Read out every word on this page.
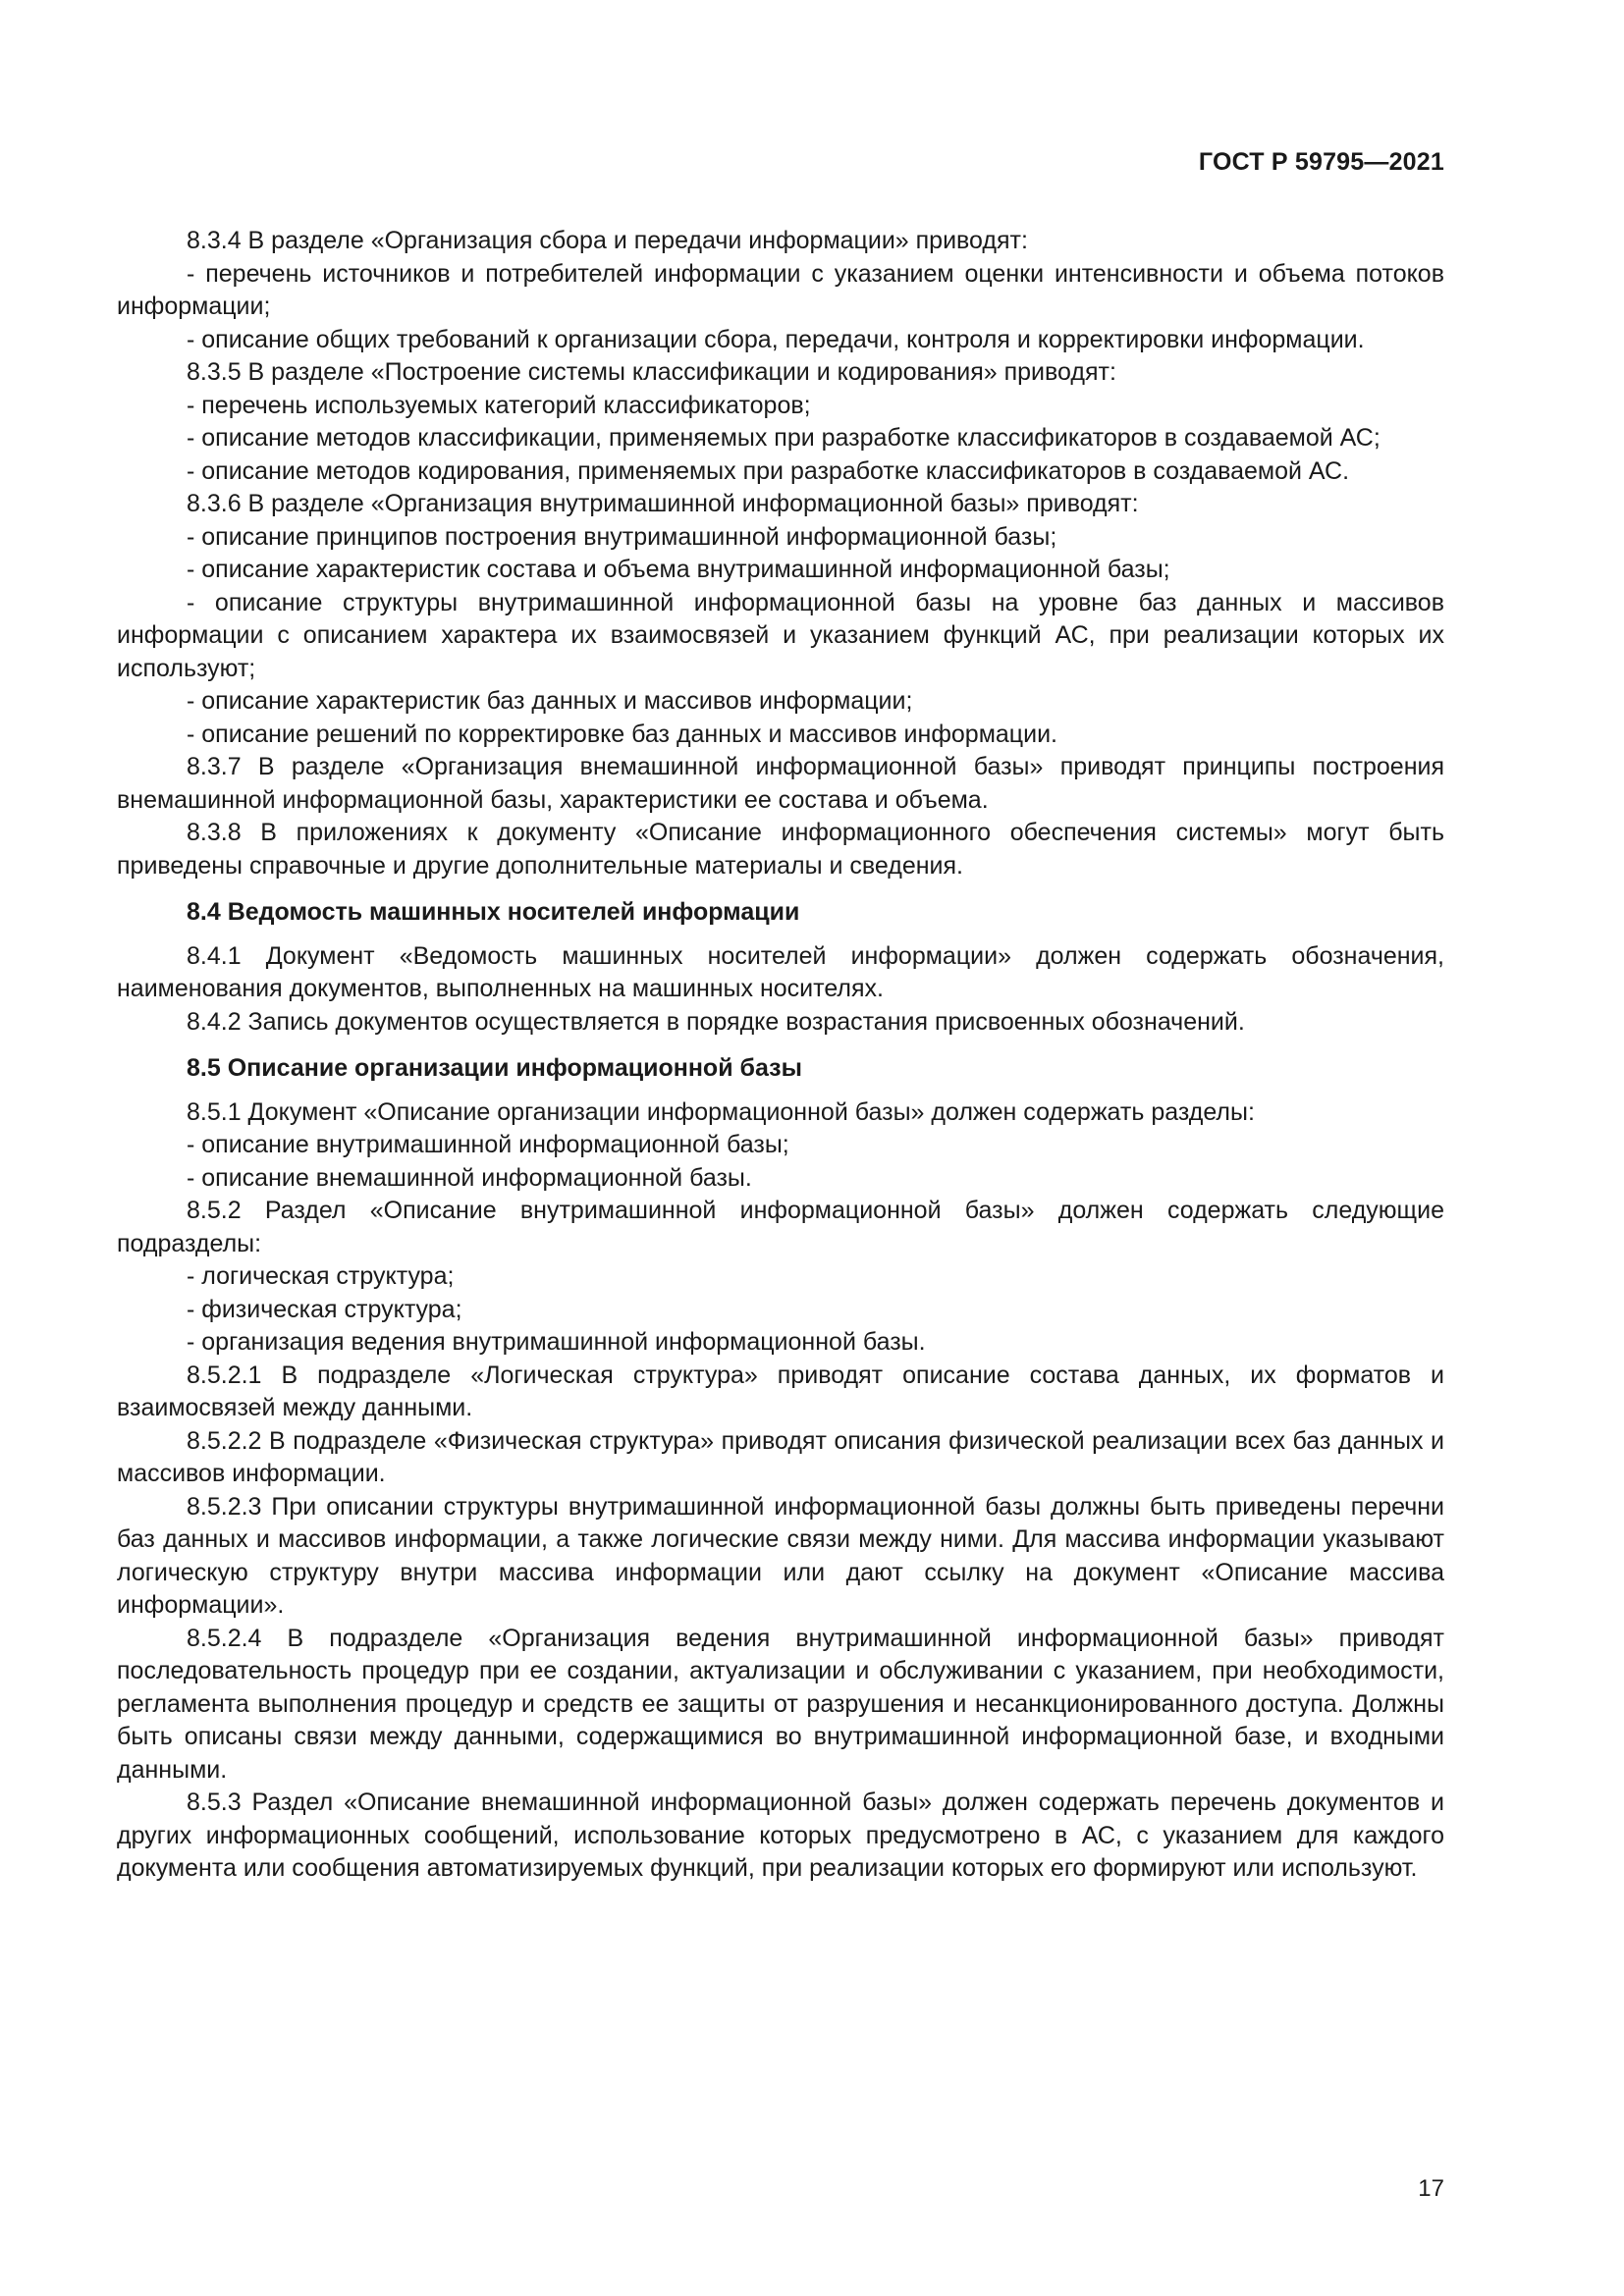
ГОСТ Р 59795—2021

8.3.4 В разделе «Организация сбора и передачи информации» приводят:

- перечень источников и потребителей информации с указанием оценки интенсивности и объема потоков информации;

- описание общих требований к организации сбора, передачи, контроля и корректировки информации.

8.3.5 В разделе «Построение системы классификации и кодирования» приводят:

- перечень используемых категорий классификаторов;

- описание методов классификации, применяемых при разработке классификаторов в создаваемой АС;

- описание методов кодирования, применяемых при разработке классификаторов в создаваемой АС.

8.3.6 В разделе «Организация внутримашинной информационной базы» приводят:

- описание принципов построения внутримашинной информационной базы;

- описание характеристик состава и объема внутримашинной информационной базы;

- описание структуры внутримашинной информационной базы на уровне баз данных и массивов информации с описанием характера их взаимосвязей и указанием функций АС, при реализации которых их используют;

- описание характеристик баз данных и массивов информации;

- описание решений по корректировке баз данных и массивов информации.

8.3.7 В разделе «Организация внемашинной информационной базы» приводят принципы построения внемашинной информационной базы, характеристики ее состава и объема.

8.3.8 В приложениях к документу «Описание информационного обеспечения системы» могут быть приведены справочные и другие дополнительные материалы и сведения.

8.4 Ведомость машинных носителей информации

8.4.1 Документ «Ведомость машинных носителей информации» должен содержать обозначения, наименования документов, выполненных на машинных носителях.

8.4.2 Запись документов осуществляется в порядке возрастания присвоенных обозначений.

8.5 Описание организации информационной базы

8.5.1 Документ «Описание организации информационной базы» должен содержать разделы:

- описание внутримашинной информационной базы;

- описание внемашинной информационной базы.

8.5.2 Раздел «Описание внутримашинной информационной базы» должен содержать следующие подразделы:

- логическая структура;

- физическая структура;

- организация ведения внутримашинной информационной базы.

8.5.2.1 В подразделе «Логическая структура» приводят описание состава данных, их форматов и взаимосвязей между данными.

8.5.2.2 В подразделе «Физическая структура» приводят описания физической реализации всех баз данных и массивов информации.

8.5.2.3 При описании структуры внутримашинной информационной базы должны быть приведены перечни баз данных и массивов информации, а также логические связи между ними. Для массива информации указывают логическую структуру внутри массива информации или дают ссылку на документ «Описание массива информации».

8.5.2.4 В подразделе «Организация ведения внутримашинной информационной базы» приводят последовательность процедур при ее создании, актуализации и обслуживании с указанием, при необходимости, регламента выполнения процедур и средств ее защиты от разрушения и несанкционированного доступа. Должны быть описаны связи между данными, содержащимися во внутримашинной информационной базе, и входными данными.

8.5.3 Раздел «Описание внемашинной информационной базы» должен содержать перечень документов и других информационных сообщений, использование которых предусмотрено в АС, с указанием для каждого документа или сообщения автоматизируемых функций, при реализации которых его формируют или используют.

17
